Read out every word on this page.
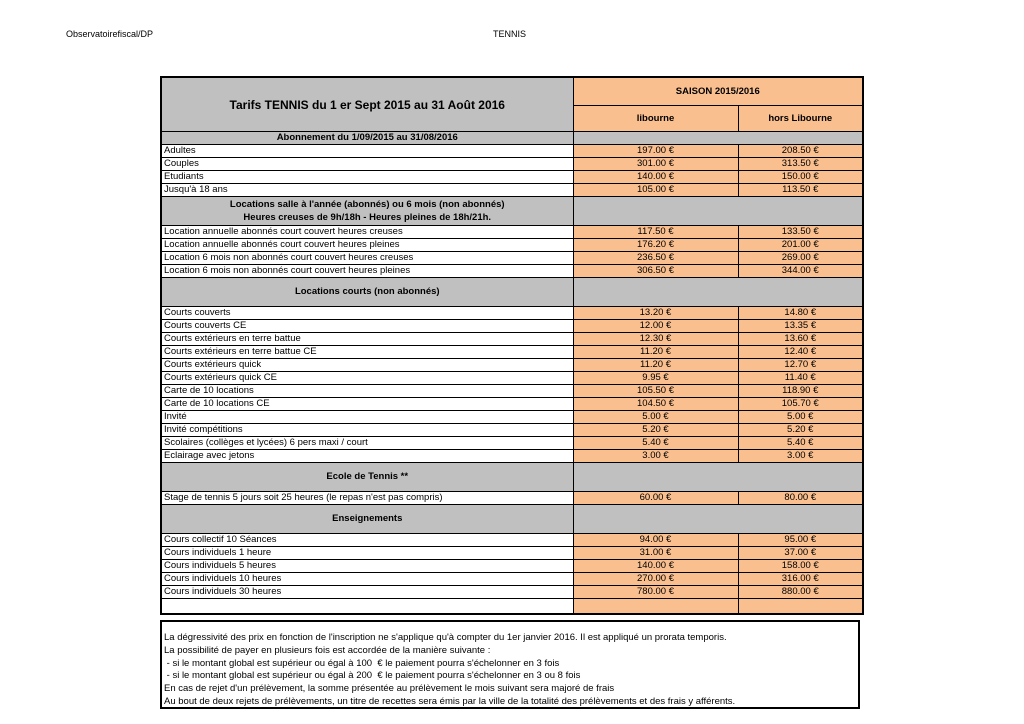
Observatoirefiscal/DP	TENNIS
Tarifs TENNIS du 1 er Sept 2015 au 31 Août 2016	SAISON 2015/2016	
	libourne	hors Libourne

Abonnement du 1/09/2015 au 31/08/2016		

Adultes	197.00 €	208.50 €
Couples	301.00 €	313.50 €
Etudiants	140.00 €	150.00 €
Jusqu'à 18 ans	105.00 €	113.50 €

Locations salle à l'année (abonnés) ou 6 mois (non abonnés)
Heures creuses de 9h/18h - Heures pleines de 18h/21h.		

Location annuelle abonnés court couvert heures creuses	117.50 €	133.50 €
Location annuelle abonnés court couvert heures pleines	176.20 €	201.00 €
Location 6 mois non abonnés court couvert heures creuses	236.50 €	269.00 €
Location 6 mois non abonnés court couvert heures pleines	306.50 €	344.00 €

Locations courts (non abonnés)		

Courts couverts	13.20 €	14.80 €
Courts couverts CE	12.00 €	13.35 €
Courts extérieurs en terre battue	12.30 €	13.60 €
Courts extérieurs en terre battue CE	11.20 €	12.40 €
Courts extérieurs quick	11.20 €	12.70 €
Courts extérieurs quick CE	9.95 €	11.40 €
Carte de 10 locations	105.50 €	118.90 €
Carte de 10 locations CE	104.50 €	105.70 €
Invité	5.00 €	5.00 €
Invité compétitions	5.20 €	5.20 €
Scolaires (collèges et lycées) 6 pers maxi / court	5.40 €	5.40 €
Eclairage avec jetons	3.00 €	3.00 €

Ecole de Tennis **		

Stage de tennis 5 jours soit 25 heures (le repas n'est pas compris)	60.00 €	80.00 €

Enseignements		

Cours collectif 10 Séances	94.00 €	95.00 €
Cours individuels 1 heure	31.00 €	37.00 €
Cours individuels 5 heures	140.00 €	158.00 €
Cours individuels 10 heures	270.00 €	316.00 €
Cours individuels 30 heures	780.00 €	880.00 €

La dégressivité des prix en fonction de l'inscription ne s'applique qu'à compter du 1er janvier 2016. Il est appliqué un prorata temporis.
La possibilité de payer en plusieurs fois est accordée de la manière suivante :
- si le montant global est supérieur ou égal à 100  € le paiement pourra s'échelonner en 3 fois
- si le montant global est supérieur ou égal à 200  € le paiement pourra s'échelonner en 3 ou 8 fois
En cas de rejet d'un prélèvement, la somme présentée au prélèvement le mois suivant sera majoré de frais
Au bout de deux rejets de prélèvements, un titre de recettes sera émis par la ville de la totalité des prélèvements et des frais y afférents.
